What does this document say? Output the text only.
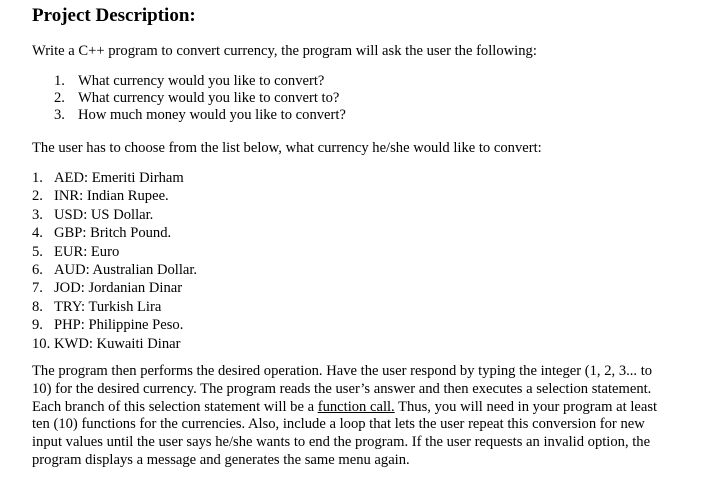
Project Description:

Write a C++ program to convert currency, the program will ask the user the following:

1. What currency would you like to convert?
2. What currency would you like to convert to?
3. How much money would you like to convert?

The user has to choose from the list below, what currency he/she would like to convert:

1. AED: Emeriti Dirham
2. INR: Indian Rupee.
3. USD: US Dollar.
4. GBP: Britch Pound.
5. EUR: Euro
6. AUD: Australian Dollar.
7. JOD: Jordanian Dinar
8. TRY: Turkish Lira
9. PHP: Philippine Peso.
10. KWD: Kuwaiti Dinar

The program then performs the desired operation. Have the user respond by typing the integer (1, 2, 3... to
10) for the desired currency. The program reads the user’s answer and then executes a selection statement.
Each branch of this selection statement will be a function call. Thus, you will need in your program at least
ten (10) functions for the currencies. Also, include a loop that lets the user repeat this conversion for new
input values until the user says he/she wants to end the program. If the user requests an invalid option, the
program displays a message and generates the same menu again.
